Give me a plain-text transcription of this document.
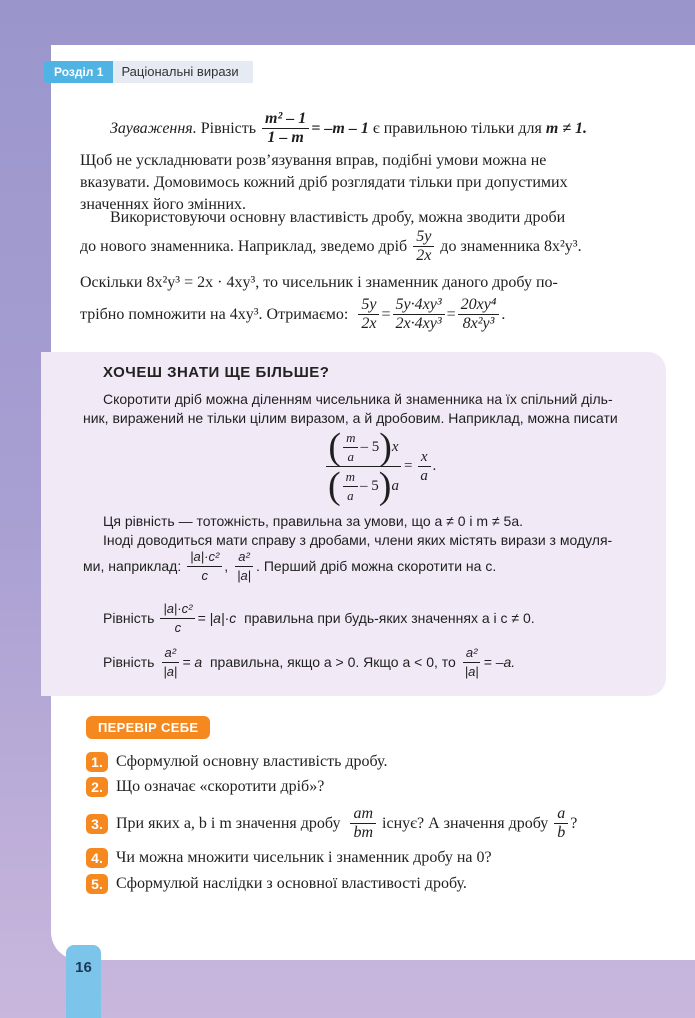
Розділ 1	Раціональні вирази
Зауваження.
Рівність
$\frac{\text{m² – 1}}{1 - m} = -m - 1$
є правильною тільки для
m ≠ 1.
Щоб не ускладнювати розв’язування вправ, подібні умови можна не
вказувати. Домовимось кожний дріб розглядати тільки при допустимих
значеннях його змінних.
Використовуючи основну властивість дробу, можна зводити дроби
до нового знаменника. Наприклад, зведемо дріб
$\frac{5y}{2x}$
до знаменника 8x²y³.
Оскільки 8x²y³ = 2x · 4xy³, то чисельник і знаменник даного дробу по-
трібно помножити на 4xy³. Отримаємо:
$\frac{5y}{2x} = \frac{\text{5y·4xy³}}{\text{2x·4xy³}} = \frac{\text{20xy⁴}}{\text{8x²y³}}$ .
ХОЧЕШ ЗНАТИ ЩЕ БІЛЬШЕ?
Скоротити дріб можна діленням чисельника й знаменника на їх спільний діль-
ник, виражений не тільки цілим виразом, а й дробовим. Наприклад, можна писати
$\frac{( \frac{m}{a} - 5 ) x}{( \frac{m}{a} - 5 ) a} = \frac{x}{a}$ .
Ця рівність — тотожність, правильна за умови, що a ≠ 0 і m ≠ 5a.
Іноді доводиться мати справу з дробами, члени яких містять вирази з модуля-
ми, наприклад:
$\frac{\text{|a|·c²}}{c}$ , $\frac{\text{a²}}{|a|}$ . Перший дріб можна скоротити на c.
Рівність
$\frac{\text{|a|·c²}}{c} = |a|\cdot c$
правильна при будь-яких значеннях a і c ≠ 0.
Рівність
$\frac{\text{a²}}{|a|} = a$
правильна, якщо a > 0. Якщо a < 0, то
$\frac{\text{a²}}{|a|} = -a$.
ПЕРЕВІР СЕБЕ
1. Сформулюй основну властивість дробу.
2. Що означає «скоротити дріб»?
3. При яких a, b і m значення дробу
$\frac{am}{bm}$
існує? А значення дробу
$\frac{a}{b}$ ?
4. Чи можна множити чисельник і знаменник дробу на 0?
5. Сформулюй наслідки з основної властивості дробу.
16
